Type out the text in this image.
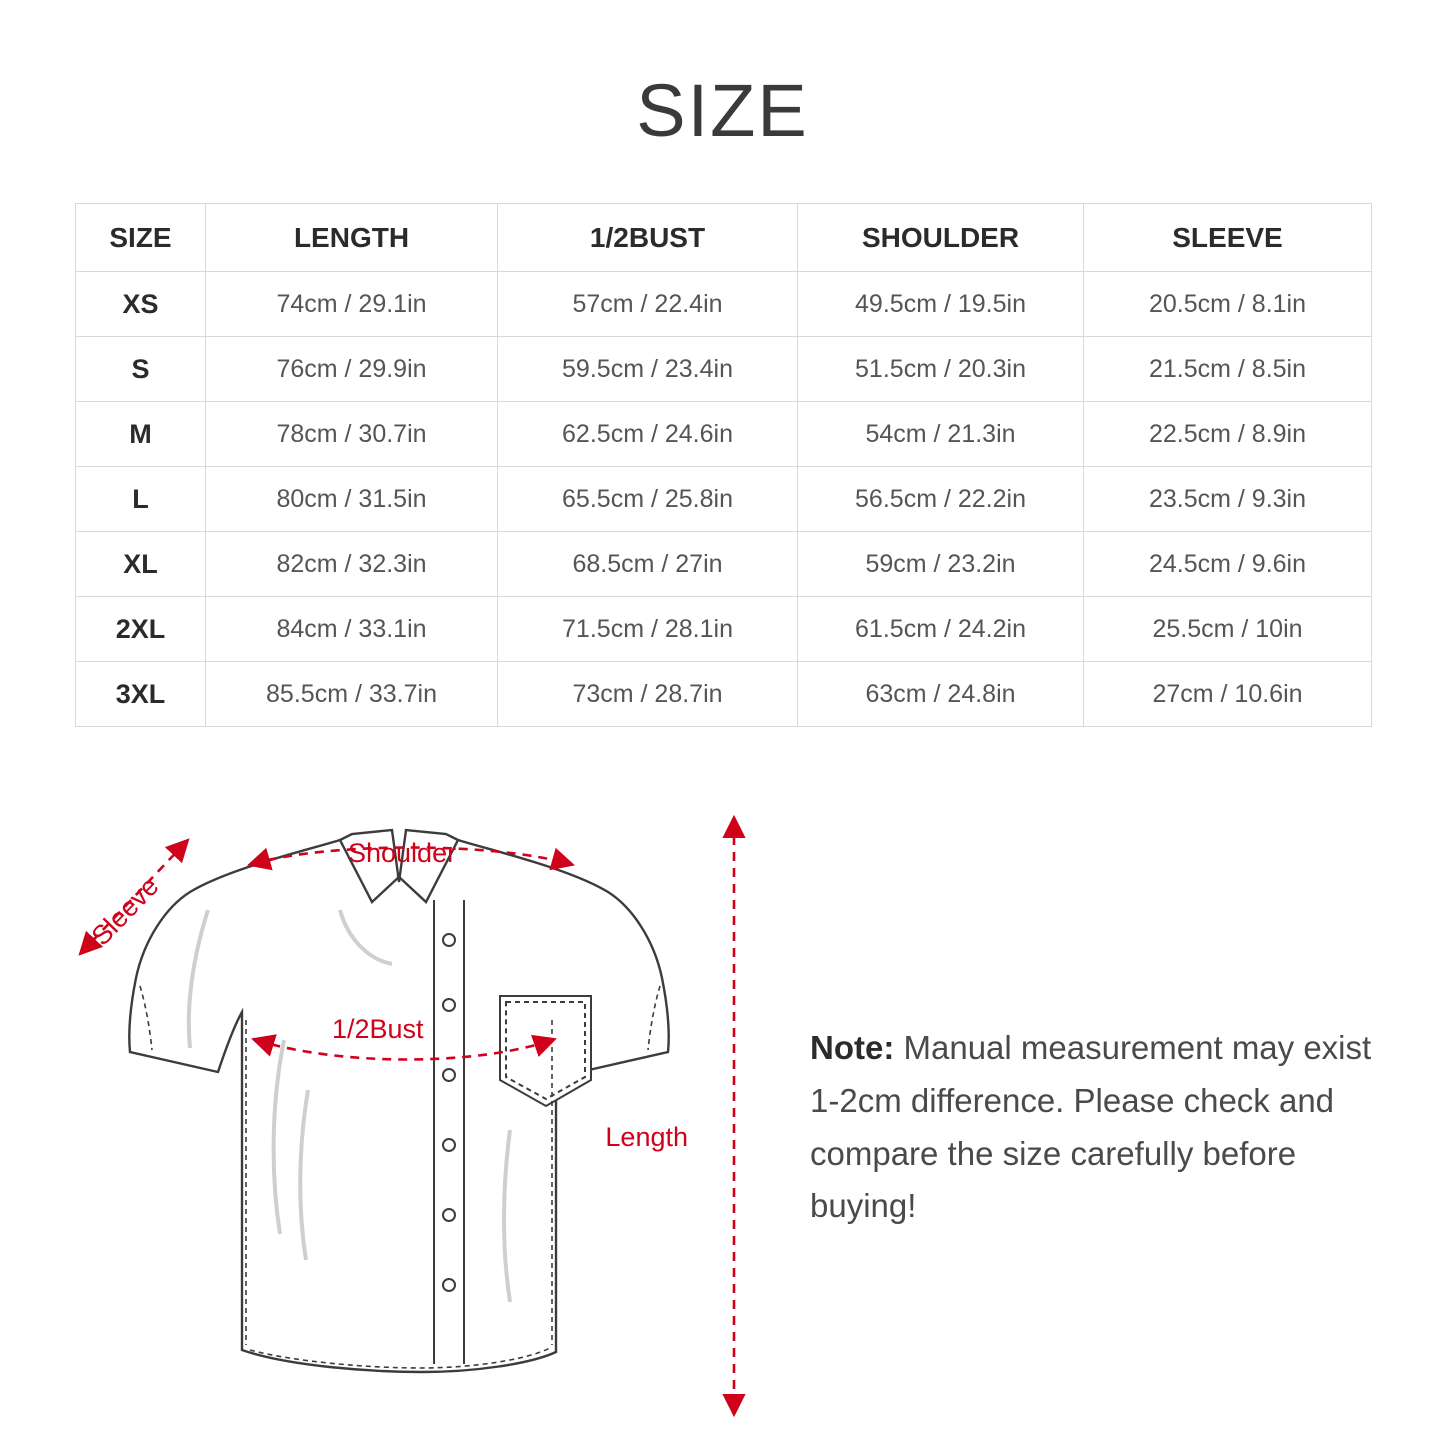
SIZE
SIZE	LENGTH	1/2BUST	SHOULDER	SLEEVE
XS	74cm / 29.1in	57cm / 22.4in	49.5cm / 19.5in	20.5cm / 8.1in
S	76cm / 29.9in	59.5cm / 23.4in	51.5cm / 20.3in	21.5cm / 8.5in
M	78cm / 30.7in	62.5cm / 24.6in	54cm / 21.3in	22.5cm / 8.9in
L	80cm / 31.5in	65.5cm / 25.8in	56.5cm / 22.2in	23.5cm / 9.3in
XL	82cm / 32.3in	68.5cm / 27in	59cm / 23.2in	24.5cm / 9.6in
2XL	84cm / 33.1in	71.5cm / 28.1in	61.5cm / 24.2in	25.5cm / 10in
3XL	85.5cm / 33.7in	73cm / 28.7in	63cm / 24.8in	27cm / 10.6in
Sleeve
Shoulder
1/2Bust
Length
Note: Manual measurement may exist 1-2cm difference. Please check and compare the size carefully before buying!
